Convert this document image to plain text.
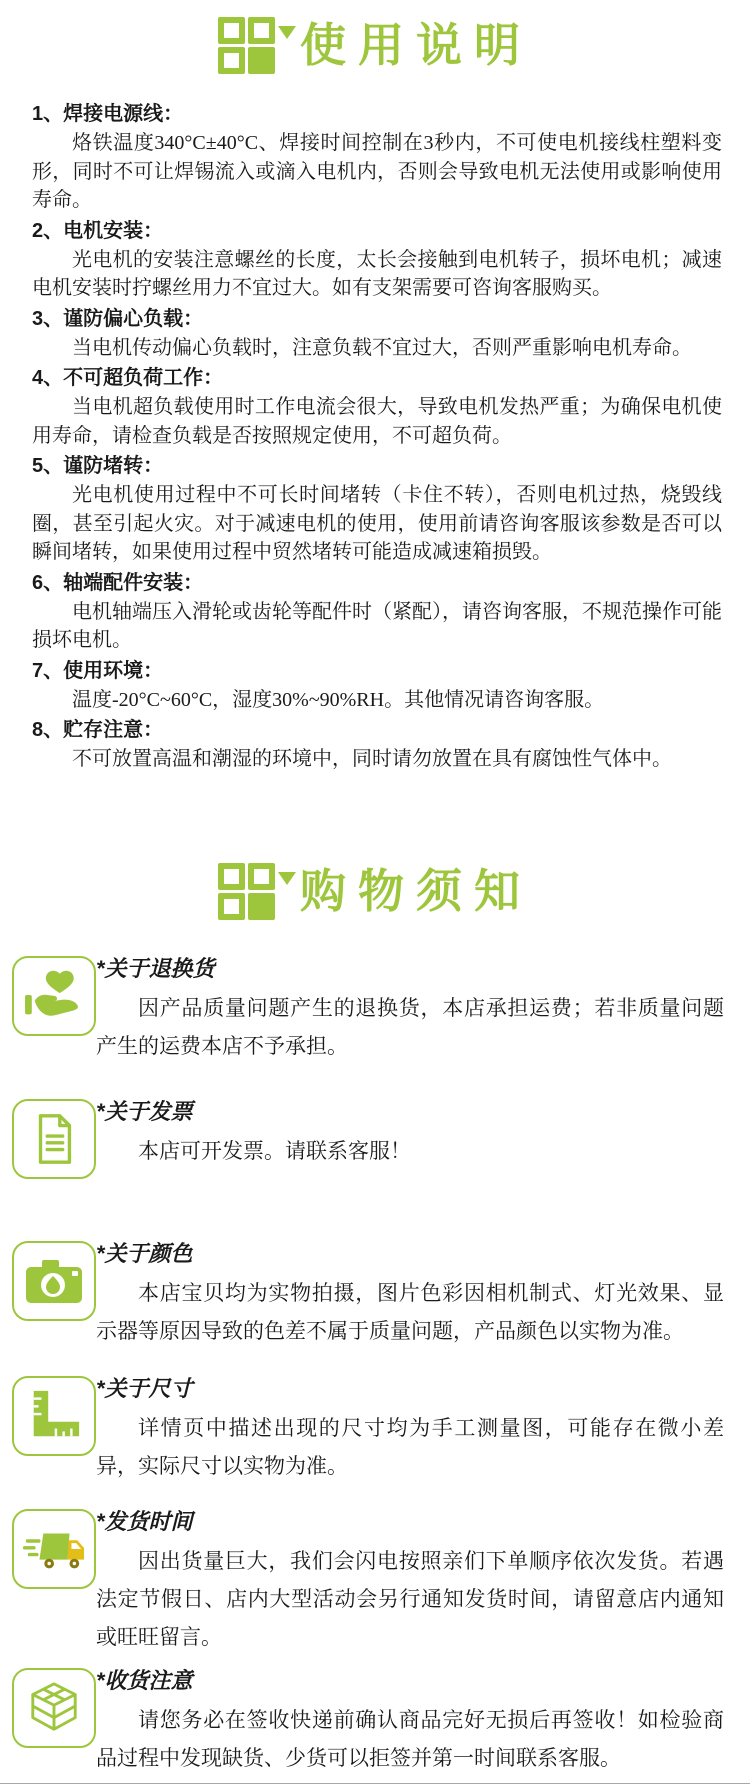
使用说明
1、焊接电源线：

烙铁温度340°C±40°C、焊接时间控制在3秒内，不可使电机接线柱塑料变形，同时不可让焊锡流入或滴入电机内，否则会导致电机无法使用或影响使用寿命。

2、电机安装：

光电机的安装注意螺丝的长度，太长会接触到电机转子，损坏电机；减速电机安装时拧螺丝用力不宜过大。如有支架需要可咨询客服购买。

3、谨防偏心负载：

当电机传动偏心负载时，注意负载不宜过大，否则严重影响电机寿命。

4、不可超负荷工作：

当电机超负载使用时工作电流会很大，导致电机发热严重；为确保电机使用寿命，请检查负载是否按照规定使用，不可超负荷。

5、谨防堵转：

光电机使用过程中不可长时间堵转（卡住不转），否则电机过热，烧毁线圈，甚至引起火灾。对于减速电机的使用，使用前请咨询客服该参数是否可以瞬间堵转，如果使用过程中贸然堵转可能造成减速箱损毁。

6、轴端配件安装：

电机轴端压入滑轮或齿轮等配件时（紧配），请咨询客服，不规范操作可能损坏电机。

7、使用环境：

温度-20°C~60°C，湿度30%~90%RH。其他情况请咨询客服。

8、贮存注意：

不可放置高温和潮湿的环境中，同时请勿放置在具有腐蚀性气体中。

购物须知
*关于退换货

因产品质量问题产生的退换货，本店承担运费；若非质量问题产生的运费本店不予承担。

*关于发票

本店可开发票。请联系客服！

*关于颜色

本店宝贝均为实物拍摄，图片色彩因相机制式、灯光效果、显示器等原因导致的色差不属于质量问题，产品颜色以实物为准。

*关于尺寸

详情页中描述出现的尺寸均为手工测量图，可能存在微小差异，实际尺寸以实物为准。

*发货时间

因出货量巨大，我们会闪电按照亲们下单顺序依次发货。若遇法定节假日、店内大型活动会另行通知发货时间，请留意店内通知或旺旺留言。

*收货注意

请您务必在签收快递前确认商品完好无损后再签收！如检验商品过程中发现缺货、少货可以拒签并第一时间联系客服。
